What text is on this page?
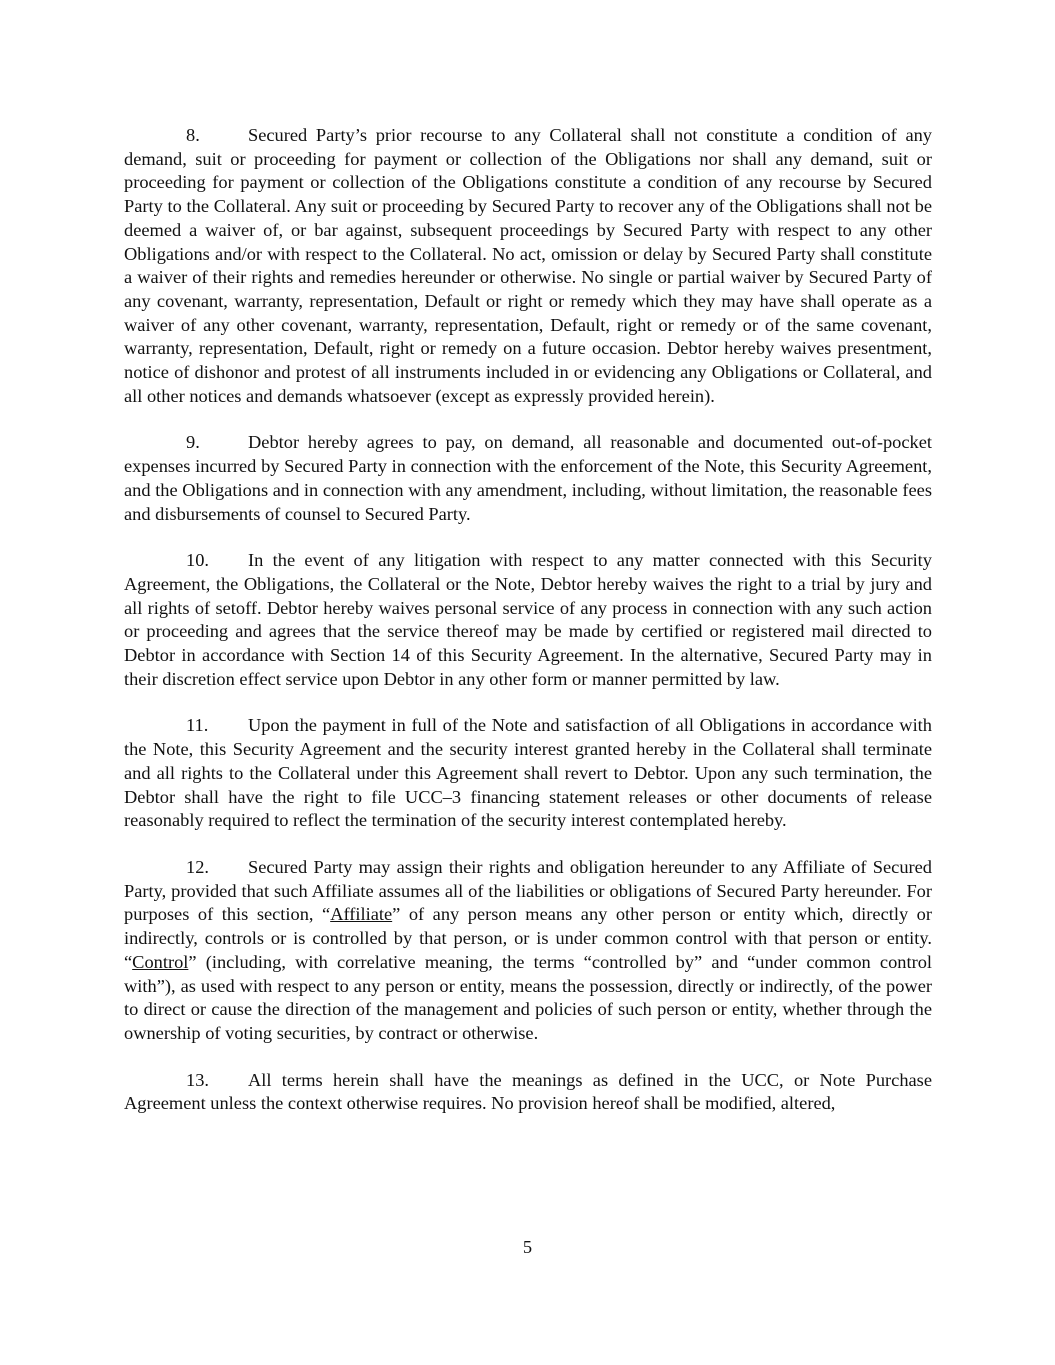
8.	Secured Party’s prior recourse to any Collateral shall not constitute a condition of any demand, suit or proceeding for payment or collection of the Obligations nor shall any demand, suit or proceeding for payment or collection of the Obligations constitute a condition of any recourse by Secured Party to the Collateral. Any suit or proceeding by Secured Party to recover any of the Obligations shall not be deemed a waiver of, or bar against, subsequent proceedings by Secured Party with respect to any other Obligations and/or with respect to the Collateral. No act, omission or delay by Secured Party shall constitute a waiver of their rights and remedies hereunder or otherwise. No single or partial waiver by Secured Party of any covenant, warranty, representation, Default or right or remedy which they may have shall operate as a waiver of any other covenant, warranty, representation, Default, right or remedy or of the same covenant, warranty, representation, Default, right or remedy on a future occasion. Debtor hereby waives presentment, notice of dishonor and protest of all instruments included in or evidencing any Obligations or Collateral, and all other notices and demands whatsoever (except as expressly provided herein).

9.	Debtor hereby agrees to pay, on demand, all reasonable and documented out-of-pocket expenses incurred by Secured Party in connection with the enforcement of the Note, this Security Agreement, and the Obligations and in connection with any amendment, including, without limitation, the reasonable fees and disbursements of counsel to Secured Party.

10. In the event of any litigation with respect to any matter connected with this Security Agreement, the Obligations, the Collateral or the Note, Debtor hereby waives the right to a trial by jury and all rights of setoff. Debtor hereby waives personal service of any process in connection with any such action or proceeding and agrees that the service thereof may be made by certified or registered mail directed to Debtor in accordance with Section 14 of this Security Agreement. In the alternative, Secured Party may in their discretion effect service upon Debtor in any other form or manner permitted by law.

11. Upon the payment in full of the Note and satisfaction of all Obligations in accordance with the Note, this Security Agreement and the security interest granted hereby in the Collateral shall terminate and all rights to the Collateral under this Agreement shall revert to Debtor. Upon any such termination, the Debtor shall have the right to file UCC–3 financing statement releases or other documents of release reasonably required to reflect the termination of the security interest contemplated hereby.

12. Secured Party may assign their rights and obligation hereunder to any Affiliate of Secured Party, provided that such Affiliate assumes all of the liabilities or obligations of Secured Party hereunder. For purposes of this section, “Affiliate” of any person means any other person or entity which, directly or indirectly, controls or is controlled by that person, or is under common control with that person or entity. “Control” (including, with correlative meaning, the terms “controlled by” and “under common control with”), as used with respect to any person or entity, means the possession, directly or indirectly, of the power to direct or cause the direction of the management and policies of such person or entity, whether through the ownership of voting securities, by contract or otherwise.

13. All terms herein shall have the meanings as defined in the UCC, or Note Purchase Agreement unless the context otherwise requires. No provision hereof shall be modified, altered,

5
